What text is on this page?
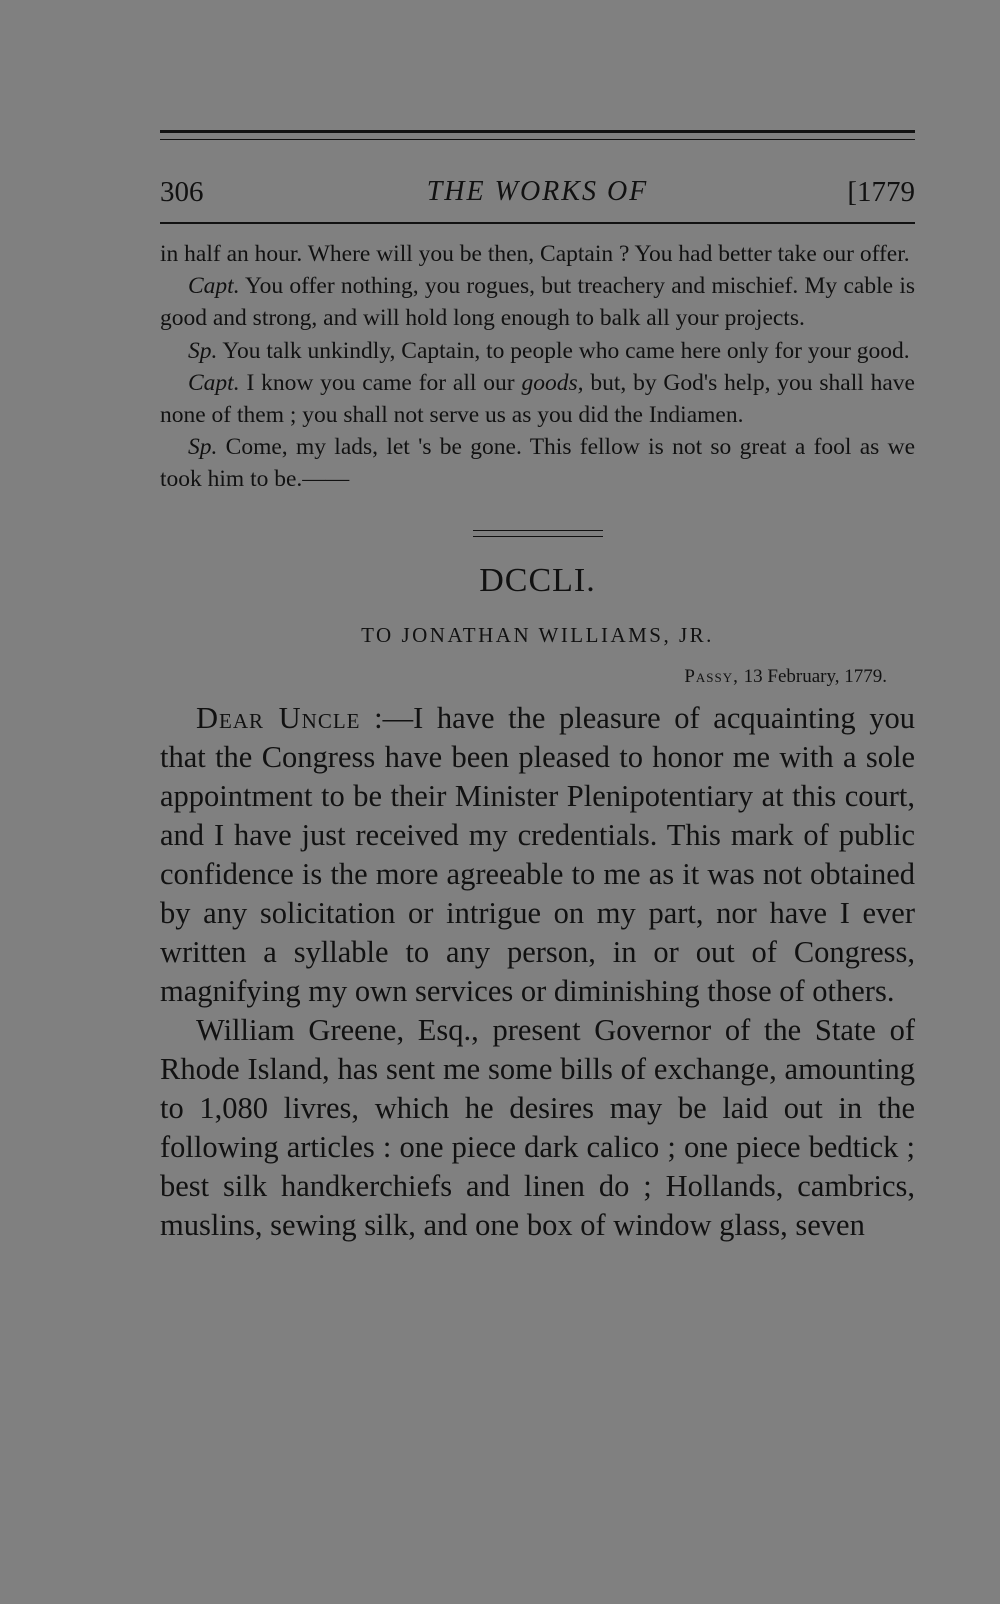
306	THE WORKS OF	[1779

in half an hour. Where will you be then, Captain ? You had better take our offer.

Capt. You offer nothing, you rogues, but treachery and mischief. My cable is good and strong, and will hold long enough to balk all your projects.

Sp. You talk unkindly, Captain, to people who came here only for your good.

Capt. I know you came for all our goods, but, by God's help, you shall have none of them ; you shall not serve us as you did the Indiamen.

Sp. Come, my lads, let 's be gone. This fellow is not so great a fool as we took him to be.——

DCCLI.
TO JONATHAN WILLIAMS, JR.
Passy, 13 February, 1779.

Dear Uncle :—I have the pleasure of acquainting you that the Congress have been pleased to honor me with a sole appointment to be their Minister Plenipotentiary at this court, and I have just received my credentials. This mark of public confidence is the more agreeable to me as it was not obtained by any solicitation or intrigue on my part, nor have I ever written a syllable to any person, in or out of Congress, magnifying my own services or diminishing those of others.

William Greene, Esq., present Governor of the State of Rhode Island, has sent me some bills of exchange, amounting to 1,080 livres, which he desires may be laid out in the following articles : one piece dark calico ; one piece bedtick ; best silk handkerchiefs and linen do ; Hollands, cambrics, muslins, sewing silk, and one box of window glass, seven
